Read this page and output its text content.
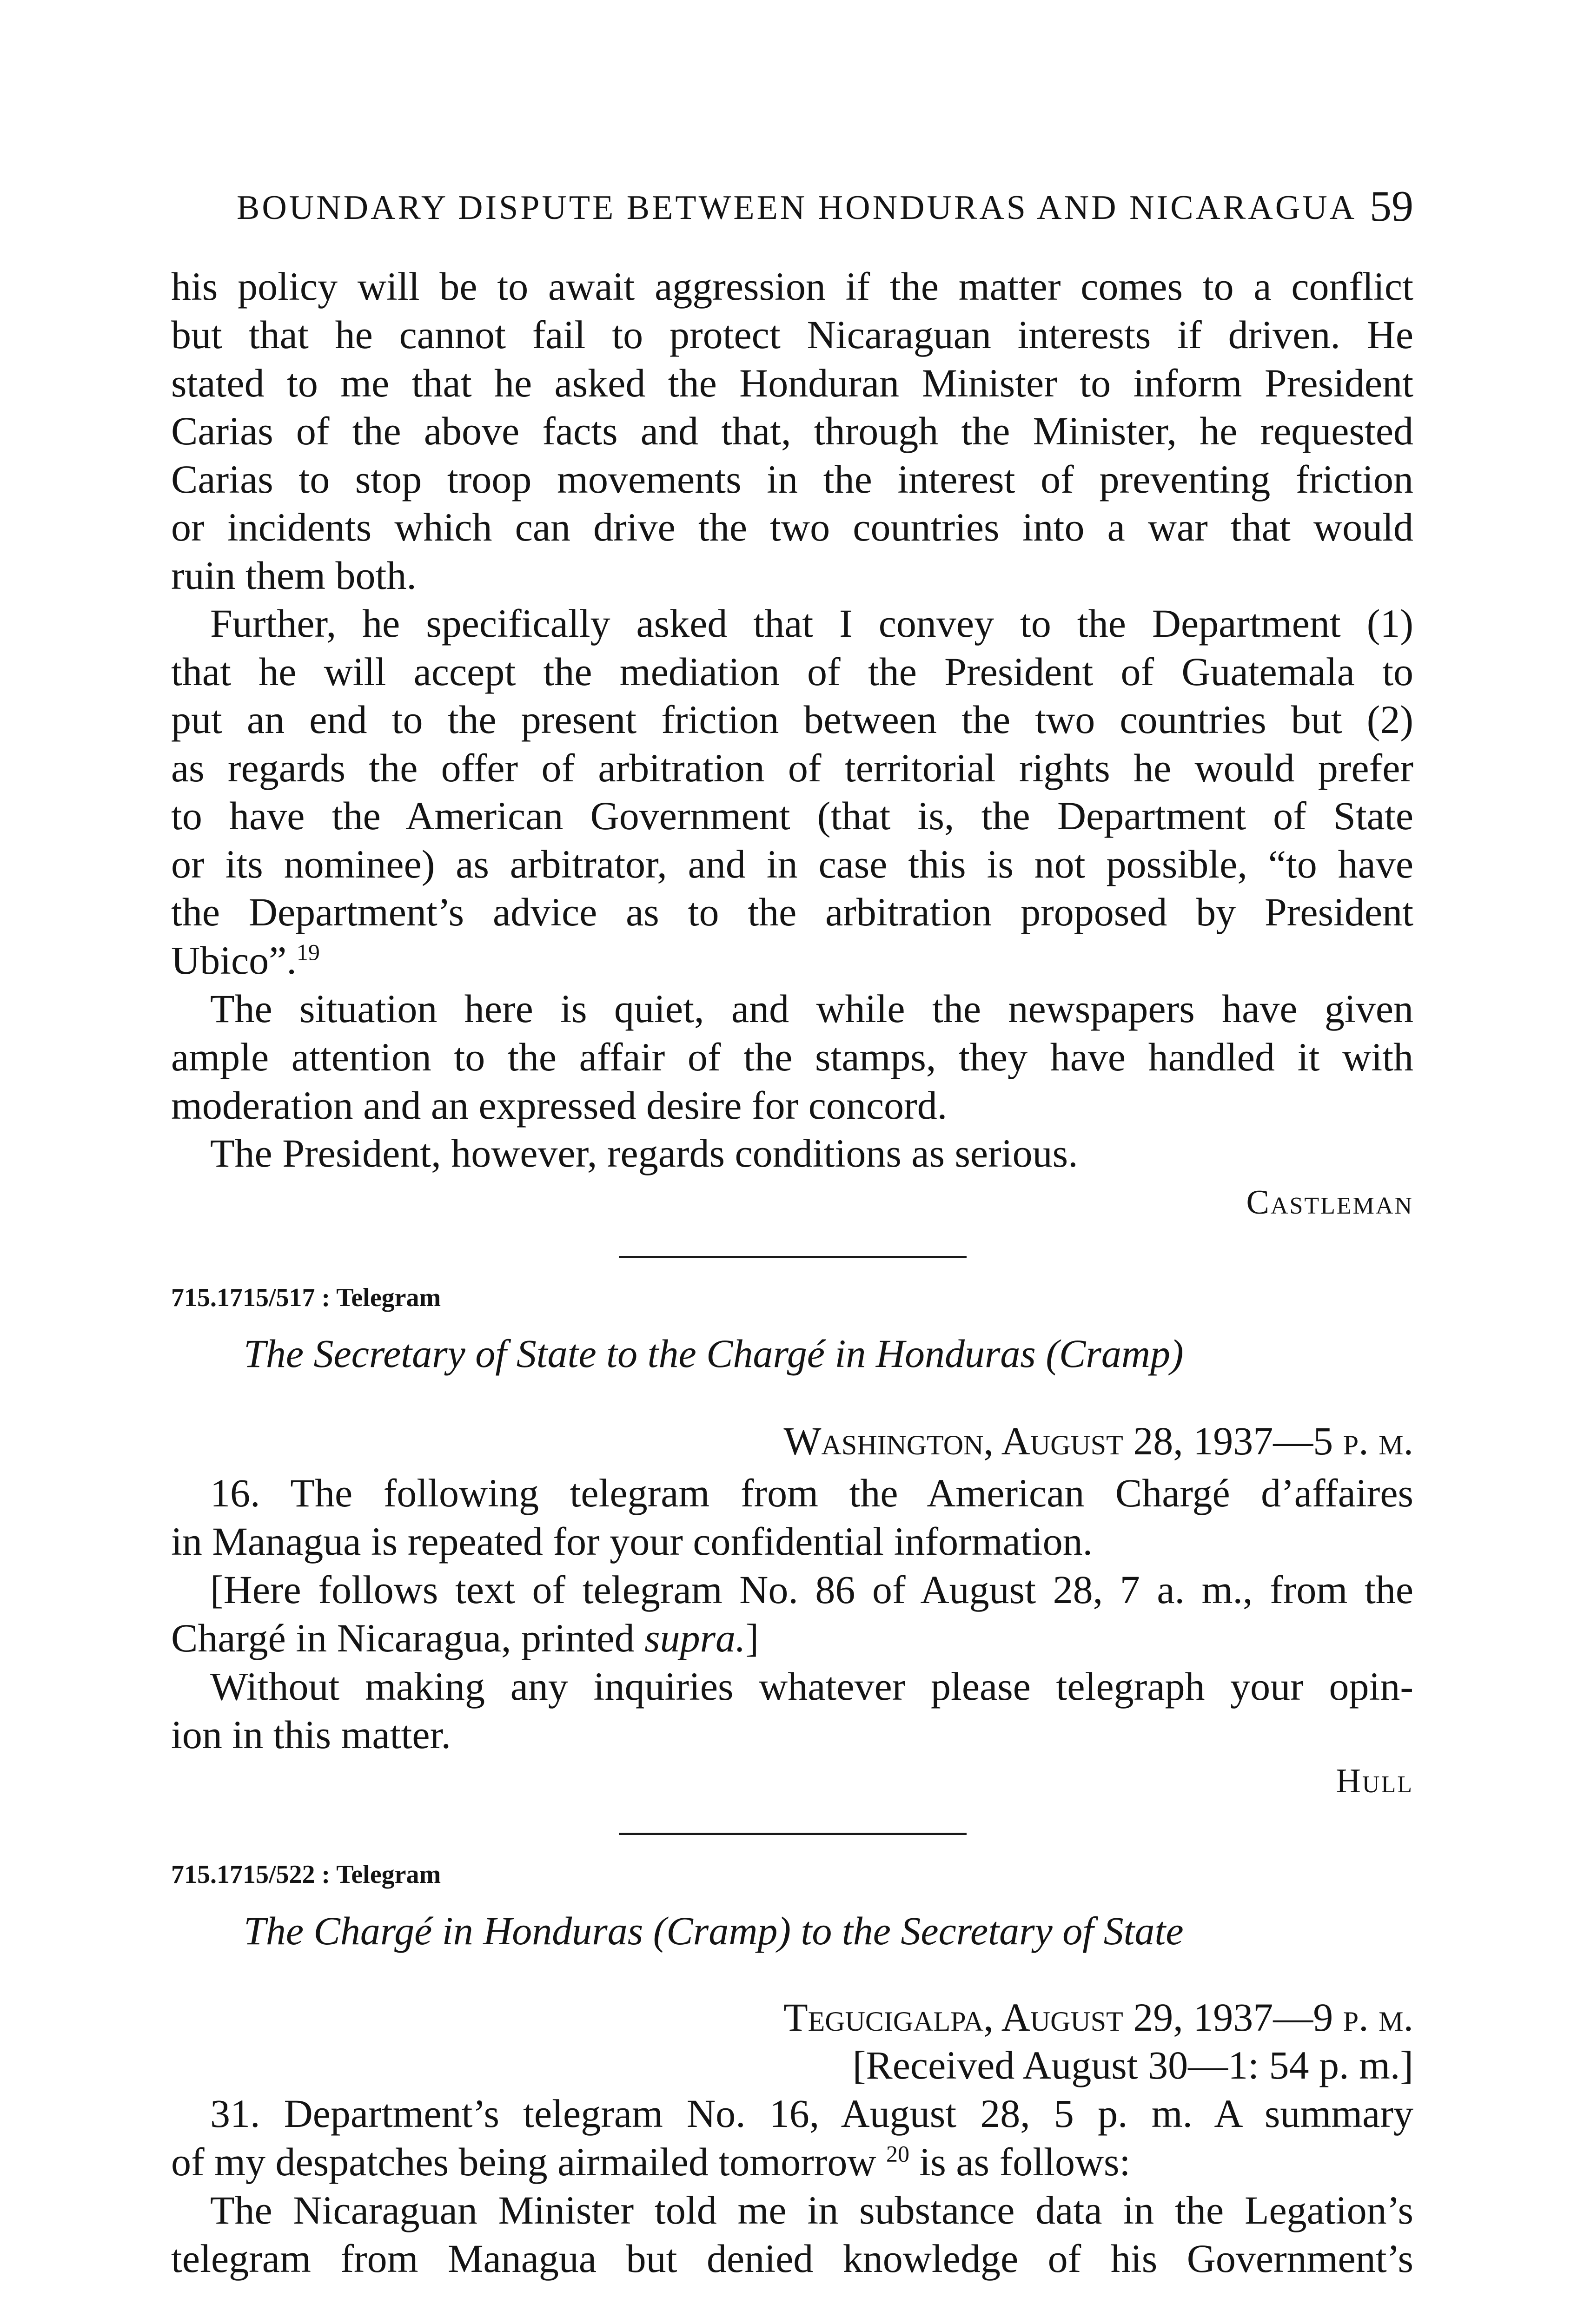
BOUNDARY DISPUTE BETWEEN HONDURAS AND NICARAGUA 59
his policy will be to await aggression if the matter comes to a conflict
but that he cannot fail to protect Nicaraguan interests if driven. He
stated to me that he asked the Honduran Minister to inform President
Carias of the above facts and that, through the Minister, he requested
Carias to stop troop movements in the interest of preventing friction
or incidents which can drive the two countries into a war that would
ruin them both.
Further, he specifically asked that I convey to the Department (1)
that he will accept the mediation of the President of Guatemala to
put an end to the present friction between the two countries but (2)
as regards the offer of arbitration of territorial rights he would prefer
to have the American Government (that is, the Department of State
or its nominee) as arbitrator, and in case this is not possible, “to have
the Department’s advice as to the arbitration proposed by President
Ubico”.$^{19}$
The situation here is quiet, and while the newspapers have given
ample attention to the affair of the stamps, they have handled it with
moderation and an expressed desire for concord.
The President, however, regards conditions as serious.
Castleman
715.1715/517 : Telegram
The Secretary of State to the Chargé in Honduras (Cramp)
Washington, August 28, 1937—5 p. m.
16. The following telegram from the American Chargé d’affaires
in Managua is repeated for your confidential information.
[Here follows text of telegram No. 86 of August 28, 7 a. m., from the
Chargé in Nicaragua, printed supra.]
Without making any inquiries whatever please telegraph your opin-
ion in this matter.
Hull
715.1715/522 : Telegram
The Chargé in Honduras (Cramp) to the Secretary of State
Tegucigalpa, August 29, 1937—9 p. m.
[Received August 30—1: 54 p. m.]
31. Department’s telegram No. 16, August 28, 5 p. m. A summary
of my despatches being airmailed tomorrow $^{20}$ is as follows:
The Nicaraguan Minister told me in substance data in the Legation’s
telegram from Managua but denied knowledge of his Government’s
